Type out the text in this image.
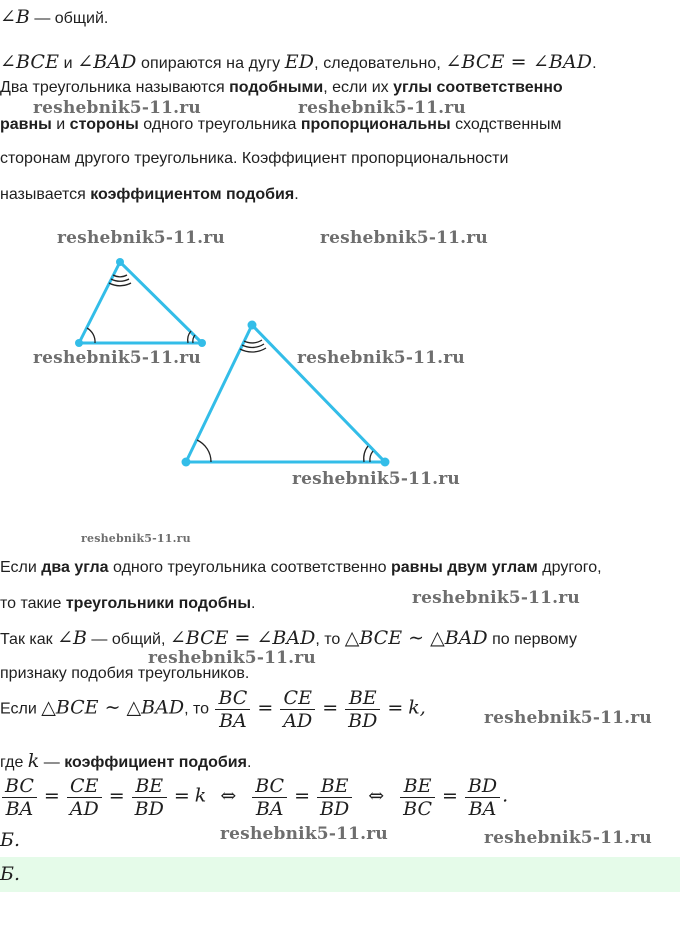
∠B — общий.
∠BCE и ∠BAD опираются на дугу ED, следовательно, ∠BCE = ∠BAD.
Два треугольника называются подобными, если их углы соответственно
равны и стороны одного треугольника пропорциональны сходственным
сторонам другого треугольника. Коэффициент пропорциональности
называется коэффициентом подобия.
Если два угла одного треугольника соответственно равны двум углам другого,
то такие треугольники подобны.
Так как ∠B — общий, ∠BCE = ∠BAD, то △BCE ∼ △BAD по первому
признаку подобия треугольников.
Если △BCE ∼ △BAD, то $\frac{BC}{BA} = \frac{CE}{AD} = \frac{BE}{BD} = k$,
где k — коэффициент подобия.
$\frac{BC}{BA} = \frac{CE}{AD} = \frac{BE}{BD} = k$ ⇔ $\frac{BC}{BA} = \frac{BE}{BD}$ ⇔ $\frac{BE}{BC} = \frac{BD}{BA}$ .
Б.
Б.
reshebnik5-11.ru	reshebnik5-11.ru
reshebnik5-11.ru	reshebnik5-11.ru
reshebnik5-11.ru	reshebnik5-11.ru
reshebnik5-11.ru
reshebnik5-11.ru
reshebnik5-11.ru
reshebnik5-11.ru
reshebnik5-11.ru
reshebnik5-11.ru	reshebnik5-11.ru
